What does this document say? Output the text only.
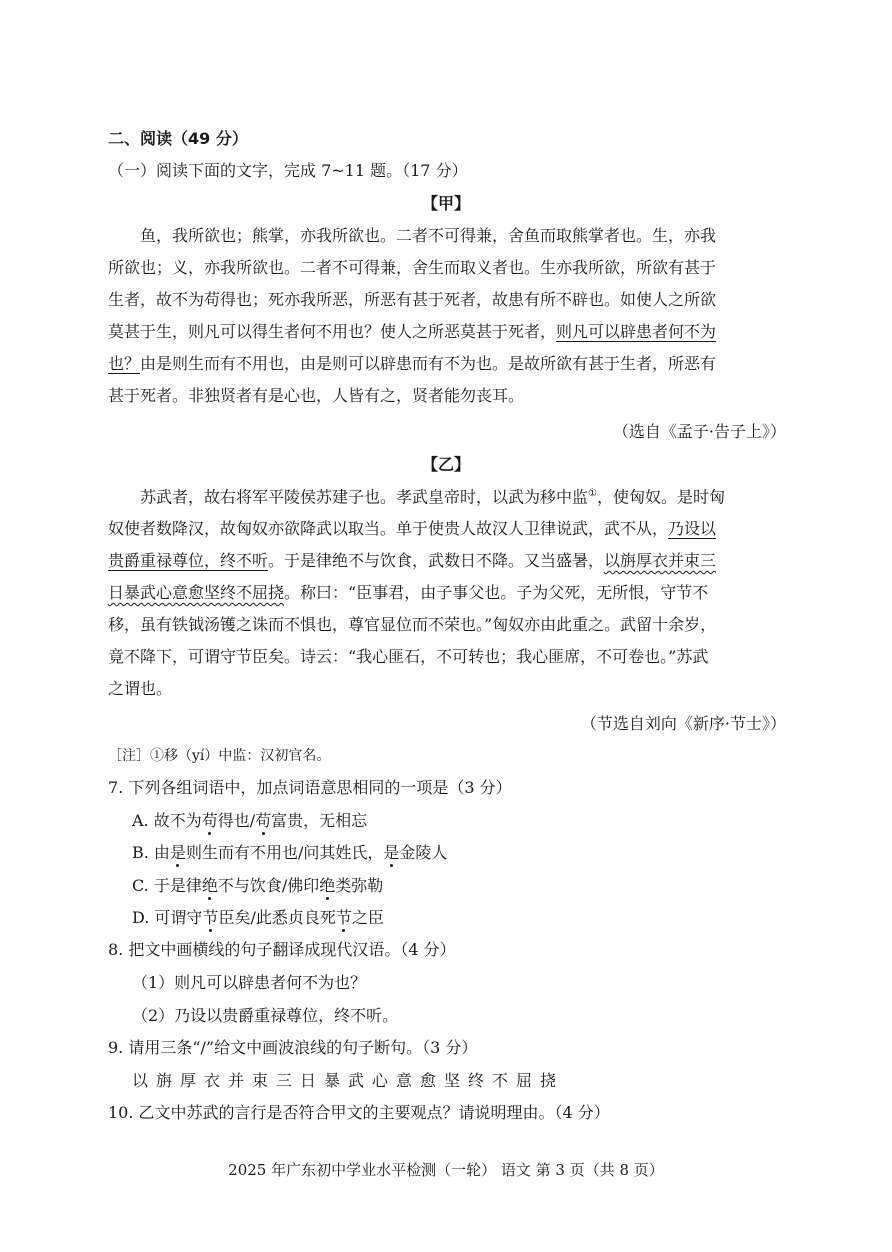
二、阅读（49 分）
（一）阅读下面的文字，完成 7~11 题。（17 分）
【甲】
鱼，我所欲也；熊掌，亦我所欲也。二者不可得兼，舍鱼而取熊掌者也。生，亦我
所欲也；义，亦我所欲也。二者不可得兼，舍生而取义者也。生亦我所欲，所欲有甚于
生者，故不为苟得也；死亦我所恶，所恶有甚于死者，故患有所不辟也。如使人之所欲
莫甚于生，则凡可以得生者何不用也？使人之所恶莫甚于死者，则凡可以辟患者何不为
也？由是则生而有不用也，由是则可以辟患而有不为也。是故所欲有甚于生者，所恶有
甚于死者。非独贤者有是心也，人皆有之，贤者能勿丧耳。
（选自《孟子·告子上》）
【乙】
苏武者，故右将军平陵侯苏建子也。孝武皇帝时，以武为移中监①，使匈奴。是时匈
奴使者数降汉，故匈奴亦欲降武以取当。单于使贵人故汉人卫律说武，武不从，乃设以
贵爵重禄尊位，终不听。于是律绝不与饮食，武数日不降。又当盛暑，以旃厚衣并束三
日暴武心意愈坚终不屈挠。称曰：“臣事君，由子事父也。子为父死，无所恨，守节不
移，虽有铁钺汤镬之诛而不惧也，尊官显位而不荣也。”匈奴亦由此重之。武留十余岁，
竟不降下，可谓守节臣矣。诗云：“我心匪石，不可转也；我心匪席，不可卷也。”苏武
之谓也。
（节选自刘向《新序·节士》）
［注］①移（yí）中监：汉初官名。
7. 下列各组词语中，加点词语意思相同的一项是（3 分）
A. 故不为苟得也/苟富贵，无相忘
B. 由是则生而有不用也/问其姓氏，是金陵人
C. 于是律绝不与饮食/佛印绝类弥勒
D. 可谓守节臣矣/此悉贞良死节之臣
8. 把文中画横线的句子翻译成现代汉语。（4 分）
（1）则凡可以辟患者何不为也？
（2）乃设以贵爵重禄尊位，终不听。
9. 请用三条“/”给文中画波浪线的句子断句。（3 分）
以旃厚衣并束三日暴武心意愈坚终不屈挠
10. 乙文中苏武的言行是否符合甲文的主要观点？请说明理由。（4 分）
2025 年广东初中学业水平检测（一轮） 语文 第 3 页（共 8 页）
